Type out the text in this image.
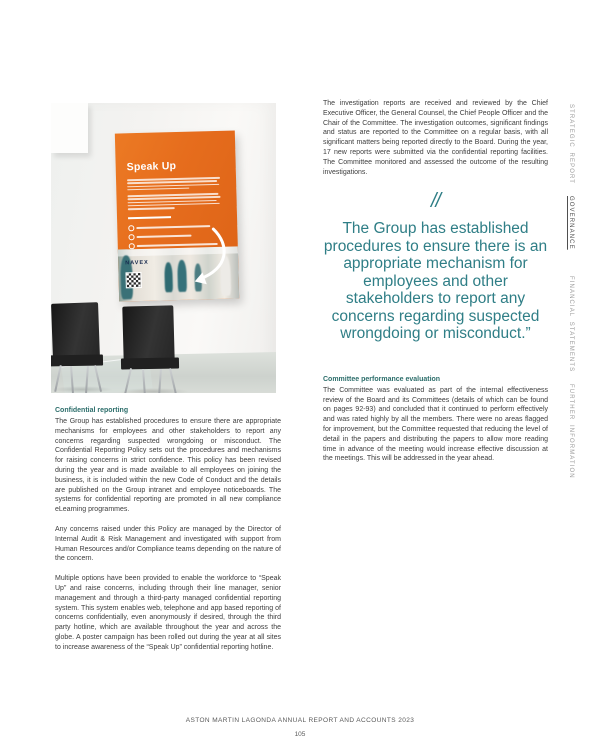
Speak Up
NAVEX
Confidential reporting

The Group has established procedures to ensure there are appropriate mechanisms for employees and other stakeholders to report any concerns regarding suspected wrongdoing or misconduct. The Confidential Reporting Policy sets out the procedures and mechanisms for raising concerns in strict confidence. This policy has been revised during the year and is made available to all employees on joining the business, it is included within the new Code of Conduct and the details are published on the Group intranet and employee noticeboards. The systems for confidential reporting are promoted in all new compliance eLearning programmes.

Any concerns raised under this Policy are managed by the Director of Internal Audit & Risk Management and investigated with support from Human Resources and/or Compliance teams depending on the nature of the concern.

Multiple options have been provided to enable the workforce to “Speak Up” and raise concerns, including through their line manager, senior management and through a third-party managed confidential reporting system. This system enables web, telephone and app based reporting of concerns confidentially, even anonymously if desired, through the third party hotline, which are available throughout the year and across the globe. A poster campaign has been rolled out during the year at all sites to increase awareness of the “Speak Up” confidential reporting hotline.

The investigation reports are received and reviewed by the Chief Executive Officer, the General Counsel, the Chief People Officer and the Chair of the Committee. The investigation outcomes, significant findings and status are reported to the Committee on a regular basis, with all significant matters being reported directly to the Board. During the year, 17 new reports were submitted via the confidential reporting facilities. The Committee monitored and assessed the outcome of the resulting investigations.

//

The Group has established procedures to ensure there is an appropriate mechanism for employees and other stakeholders to report any concerns regarding suspected wrongdoing or misconduct.”

Committee performance evaluation

The Committee was evaluated as part of the internal effectiveness review of the Board and its Committees (details of which can be found on pages 92-93) and concluded that it continued to perform effectively and was rated highly by all the members. There were no areas flagged for improvement, but the Committee requested that reducing the level of detail in the papers and distributing the papers to allow more reading time in advance of the meeting would increase effective discussion at the meetings. This will be addressed in the year ahead.

STRATEGIC REPORT
GOVERNANCE
FINANCIAL STATEMENTS
FURTHER INFORMATION
ASTON MARTIN LAGONDA ANNUAL REPORT AND ACCOUNTS 2023
105
